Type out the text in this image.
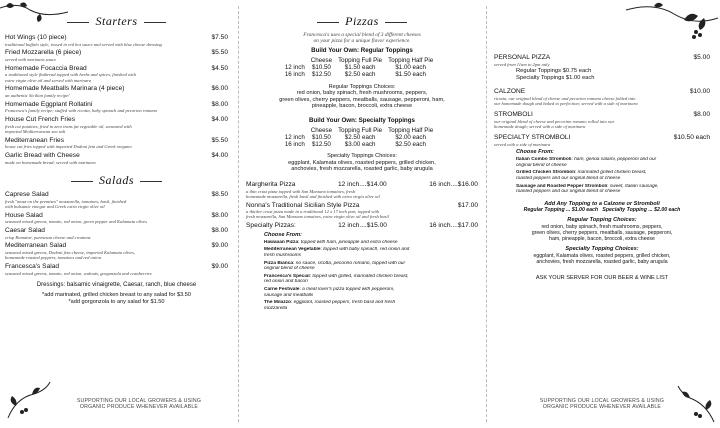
Starters
Hot Wings (10 piece)	$7.50
traditional buffalo style, tossed in red hot sauce and served with blue cheese dressing
Fried Mozzarella (6 piece)	$5.50
served with marinara sauce
Homemade Focaccia Bread	$4.50
a traditional style flatbread topped with herbs and spices, finished with
extra virgin olive oil and served with marinara
Homemade Meatballs Marinara (4 piece)	$6.00
an authentic Sicilian family recipe!
Homemade Eggplant Rollatini	$8.00
Francesca's family recipe; stuffed with ricotta, baby spinach and pecorino romano
House Cut French Fries	$4.00
fresh cut potatoes, fried in zero trans fat vegetable oil, seasoned with
imported Mediterranean sea salt
Mediterranean Fries	$5.50
house cut fries topped with imported Dodoni feta and Greek oregano
Garlic Bread with Cheese	$4.00
made on homemade bread; served with marinara
Salads
Caprese Salad	$8.50
fresh "mozz on the premises" mozzarella, tomatoes, basil, finished
with balsamic vinegar and Greek extra virgin olive oil
House Salad	$8.00
seasonal mixed greens, tomato, red onion, green pepper and Kalamata olives
Caesar Salad	$8.00
crisp Romaine, parmesan cheese and croutons
Mediterranean Salad	$9.00
seasonal mixed greens, Dodoni feta cheese, imported Kalamata olives,
homemade roasted peppers, tomatoes and red onion
Francesca's Salad	$9.00
seasonal mixed greens, tomato, red onion, walnuts, gorgonzola and cranberries
Dressings: balsamic vinaigrette, Caesar, ranch, blue cheese
*add marinated, grilled chicken breast to any salad for $3.50
*add gorgonzola to any salad for $1.50
SUPPORTING OUR LOCAL GROWERS & USING
ORGANIC PRODUCE WHENEVER AVAILABLE
Pizzas
Francesca's uses a special blend of 3 different cheeses
on your pizza for a unique flavor experience.
Build Your Own: Regular Toppings
	Cheese	Topping Full Pie	Topping Half Pie
12 inch	$10.50	$1.50 each	$1.00 each
16 inch	$12.50	$2.50 each	$1.50 each
Regular Toppings Choices:
red onion, baby spinach, fresh mushrooms, peppers,
green olives, cherry peppers, meatballs, sausage, pepperoni, ham,
pineapple, bacon, broccoli, extra cheese
Build Your Own: Specialty Toppings
	Cheese	Topping Full Pie	Topping Half Pie
12 inch	$10.50	$2.50 each	$2.00 each
16 inch	$12.50	$3.00 each	$2.50 each
Specialty Toppings Choices:
eggplant, Kalamata olives, roasted peppers, grilled chicken,
anchovies, fresh mozzarella, roasted garlic, baby arugula
Margherita Pizza	12 inch....$14.00	16 inch....$16.00
a thin crust pizza topped with San Marzano tomatoes, fresh
homemade mozzarella, fresh basil and finished with extra virgin olive oil
Nonna's Traditional Sicilian Style Pizza	$17.00
a thicker crust pizza made in a traditional 12 x 17 inch pan; topped with
fresh mozzarella, San Marzano tomatoes, extra virgin olive oil and fresh basil
Specialty Pizzas:	12 inch....$15.00	16 inch....$17.00
Choose From:
Hawaiian Pizza: topped with ham, pineapple and extra cheese
Mediterranean Vegetable: topped with baby spinach, red onion and
fresh mushrooms
Pizza Bianca: no sauce, ricotta, pecorino romano, topped with our
original blend of cheese
Francesca's Special: topped with grilled, marinated chicken breast,
red onion and bacon
Carne Festivale: a meat lover's pizza topped with pepperoni,
sausage and meatballs
The Milazzo: eggplant, roasted peppers, fresh basil and fresh
mozzarella
PERSONAL PIZZA	$5.00
served from 11am to 2pm only
Regular Toppings $0.75 each
Specialty Toppings $1.00 each
CALZONE	$10.00
ricotta, our original blend of cheese and pecorino romano cheese folded into
our homemade dough and baked to perfection; served with a side of marinara
STROMBOLI	$8.00
our original blend of cheese and pecorino romano rolled into our
homemade dough; served with a side of marinara
SPECIALTY STROMBOLI	$10.50 each
served with a side of marinara
Choose From:
Italian Combo Stromboli: ham, genoa salami, pepperoni and our
original blend of cheese
Grilled Chicken Stromboli: marinated grilled chicken breast,
roasted peppers and our original blend of cheese
Sausage and Roasted Pepper Stromboli: sweet, Italian sausage,
roasted peppers and our original blend of cheese
Add Any Topping to a Calzone or Stromboli
Regular Topping ... $1.00 each   Specialty Topping ... $2.00 each
Regular Topping Choices:
red onion, baby spinach, fresh mushrooms, peppers,
green olives, cherry peppers, meatballs, sausage, pepperoni,
ham, pineapple, bacon, broccoli, extra cheese
Specialty Topping Choices:
eggplant, Kalamata olives, roasted peppers, grilled chicken,
anchovies, fresh mozzarella, roasted garlic, baby arugula
ASK YOUR SERVER FOR OUR BEER & WINE LIST
SUPPORTING OUR LOCAL GROWERS & USING
ORGANIC PRODUCE WHENEVER AVAILABLE
